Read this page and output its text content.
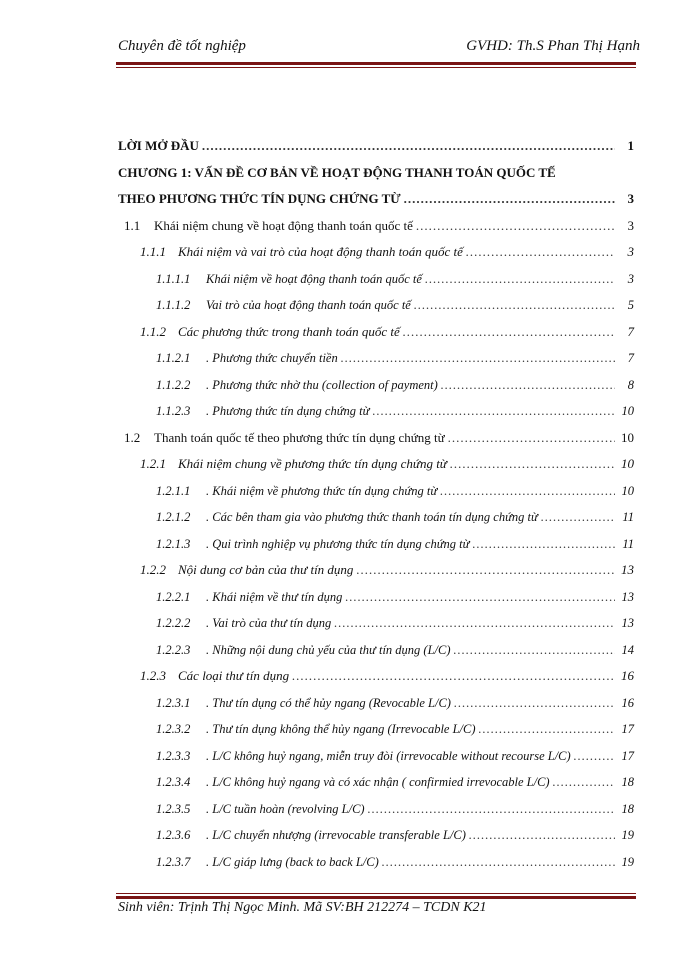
Chuyên đề tốt nghiệp	GVHD: Th.S Phan Thị Hạnh
LỜI MỞ ĐẦU .....	1
CHƯƠNG 1: VẤN ĐỀ CƠ BẢN VỀ HOẠT ĐỘNG THANH TOÁN QUỐC TẾ
THEO PHƯƠNG THỨC TÍN DỤNG CHỨNG TỪ .....	3
1.1 Khái niệm chung về hoạt động thanh toán quốc tế .....	3
1.1.1 Khái niệm và vai trò của hoạt động thanh toán quốc tế .....	3
1.1.1.1 Khái niệm về hoạt động thanh toán quốc tế .....	3
1.1.1.2 Vai trò của hoạt động thanh toán quốc tế .....	5
1.1.2 Các phương thức trong thanh toán quốc tế .....	7
1.1.2.1 . Phương thức chuyển tiền .....	7
1.1.2.2 . Phương thức nhờ thu (collection of payment) .....	8
1.1.2.3 . Phương thức tín dụng chứng từ .....	10
1.2 Thanh toán quốc tế theo phương thức tín dụng chứng từ .....	10
1.2.1 Khái niệm chung về phương thức tín dụng chứng từ .....	10
1.2.1.1 . Khái niệm về phương thức tín dụng chứng từ .....	10
1.2.1.2 . Các bên tham gia vào phương thức thanh toán tín dụng chứng từ .....	11
1.2.1.3 . Qui trình nghiệp vụ phương thức tín dụng chứng từ .....	11
1.2.2 Nội dung cơ bản của thư tín dụng .....	13
1.2.2.1 . Khái niệm về thư tín dụng .....	13
1.2.2.2 . Vai trò của thư tín dụng .....	13
1.2.2.3 . Những nội dung chủ yếu của thư tín dụng (L/C) .....	14
1.2.3 Các loại thư tín dụng .....	16
1.2.3.1 . Thư tín dụng có thể hủy ngang (Revocable L/C) .....	16
1.2.3.2 . Thư tín dụng không thể hủy ngang (Irrevocable L/C) .....	17
1.2.3.3 . L/C không huỷ ngang, miễn truy đòi (irrevocable without recourse L/C) .....	17
1.2.3.4 . L/C không huỷ ngang và có xác nhận ( confirmied irrevocable L/C) .....	18
1.2.3.5 . L/C tuần hoàn (revolving L/C) .....	18
1.2.3.6 . L/C chuyển nhượng (irrevocable transferable L/C) .....	19
1.2.3.7 . L/C giáp lưng (back to back L/C) .....	19
Sinh viên: Trịnh Thị Ngọc Minh. Mã SV:BH 212274 – TCDN K21
